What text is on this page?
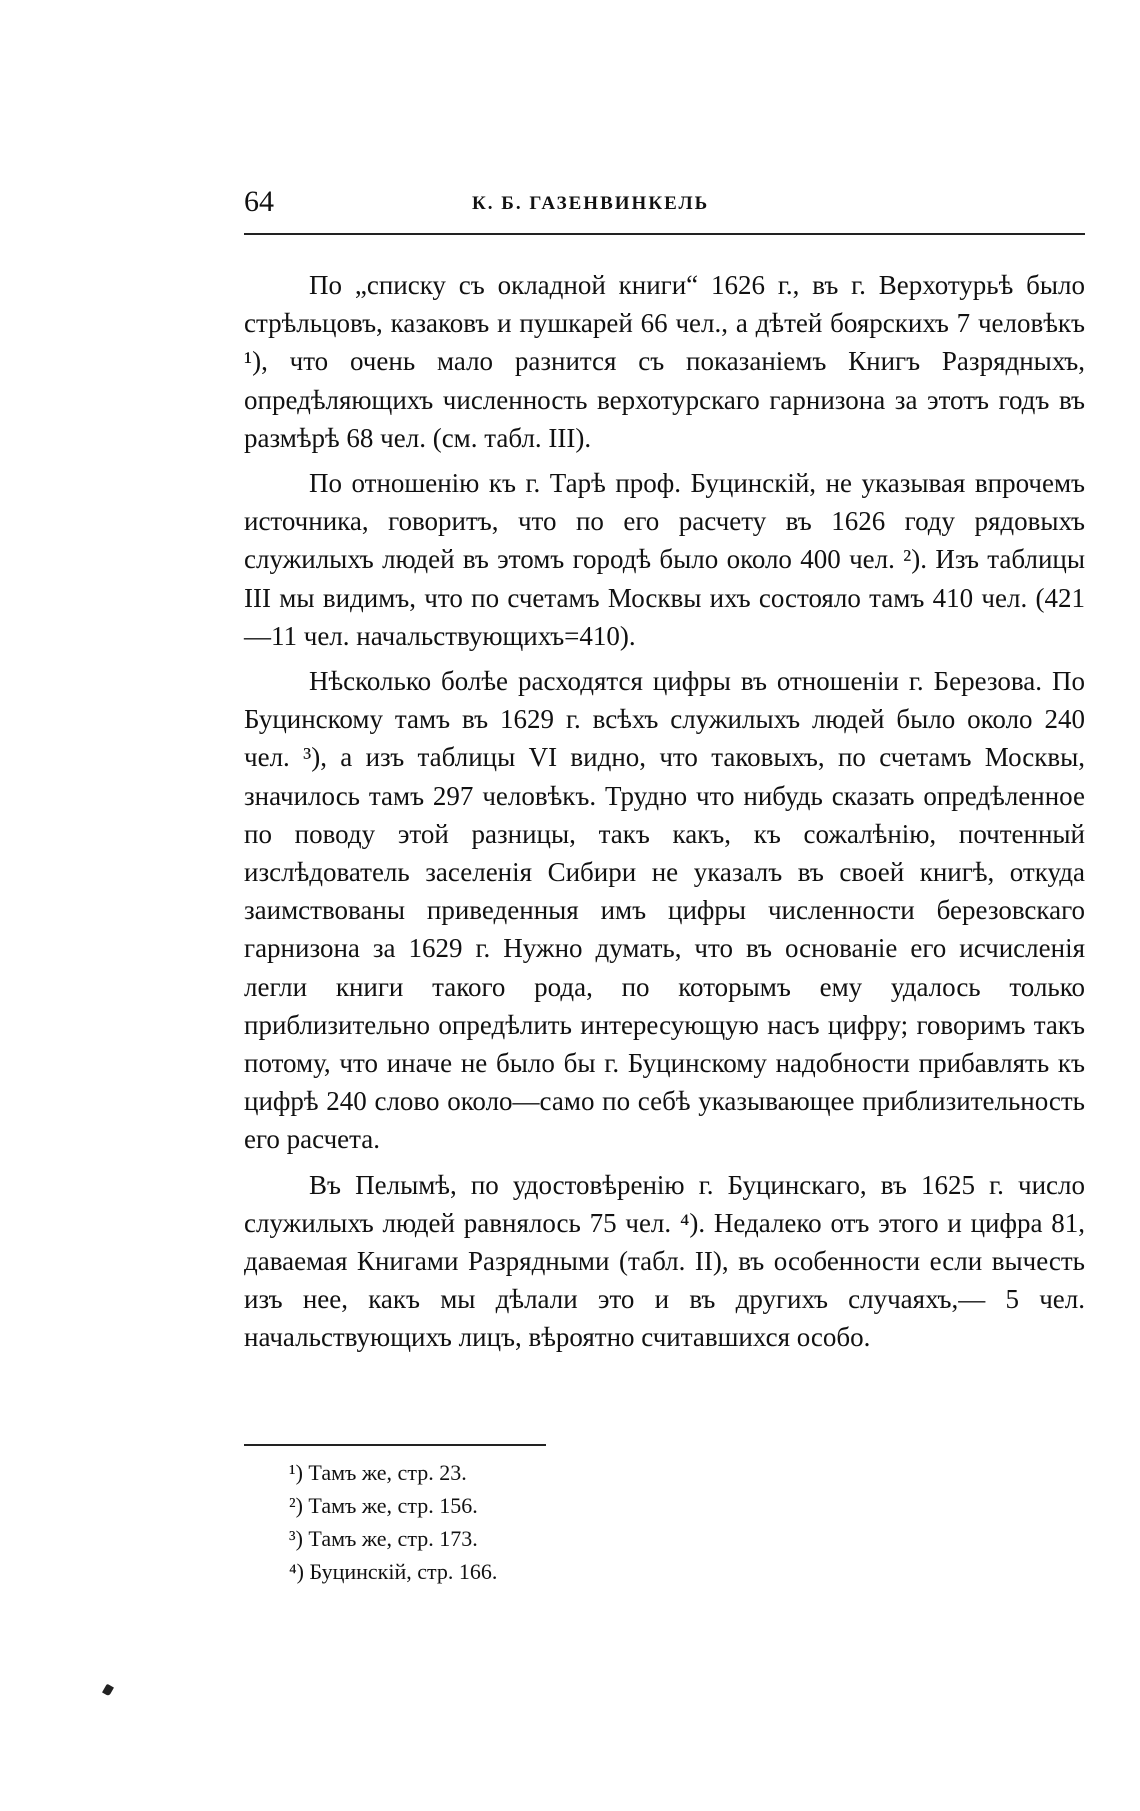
64	К. Б. ГАЗЕНВИНКЕЛЬ

По „списку съ окладной книги“ 1626 г., въ г. Верхотурьѣ было стрѣльцовъ, казаковъ и пушкарей 66 чел., а дѣтей боярскихъ 7 человѣкъ ¹), что очень мало разнится съ показаніемъ Книгъ Разрядныхъ, опредѣляющихъ численность верхотурскаго гарнизона за этотъ годъ въ размѣрѣ 68 чел. (см. табл. III).

По отношенію къ г. Тарѣ проф. Буцинскій, не указывая впрочемъ источника, говоритъ, что по его расчету въ 1626 году рядовыхъ служилыхъ людей въ этомъ городѣ было около 400 чел. ²). Изъ таблицы III мы видимъ, что по счетамъ Москвы ихъ состояло тамъ 410 чел. (421—11 чел. начальствующихъ=410).

Нѣсколько болѣе расходятся цифры въ отношеніи г. Березова. По Буцинскому тамъ въ 1629 г. всѣхъ служилыхъ людей было около 240 чел. ³), а изъ таблицы VI видно, что таковыхъ, по счетамъ Москвы, значилось тамъ 297 человѣкъ. Трудно что нибудь сказать опредѣленное по поводу этой разницы, такъ какъ, къ сожалѣнію, почтенный изслѣдователь заселенія Сибири не указалъ въ своей книгѣ, откуда заимствованы приведенныя имъ цифры численности березовскаго гарнизона за 1629 г. Нужно думать, что въ основаніе его исчисленія легли книги такого рода, по которымъ ему удалось только приблизительно опредѣлить интересующую насъ цифру; говоримъ такъ потому, что иначе не было бы г. Буцинскому надобности прибавлять къ цифрѣ 240 слово около—само по себѣ указывающее приблизительность его расчета.

Въ Пелымѣ, по удостовѣренію г. Буцинскаго, въ 1625 г. число служилыхъ людей равнялось 75 чел. ⁴). Недалеко отъ этого и цифра 81, даваемая Книгами Разрядными (табл. II), въ особенности если вычесть изъ нее, какъ мы дѣлали это и въ другихъ случаяхъ,— 5 чел. начальствующихъ лицъ, вѣроятно считавшихся особо.

¹) Тамъ же, стр. 23.
²) Тамъ же, стр. 156.
³) Тамъ же, стр. 173.
⁴) Буцинскій, стр. 166.
